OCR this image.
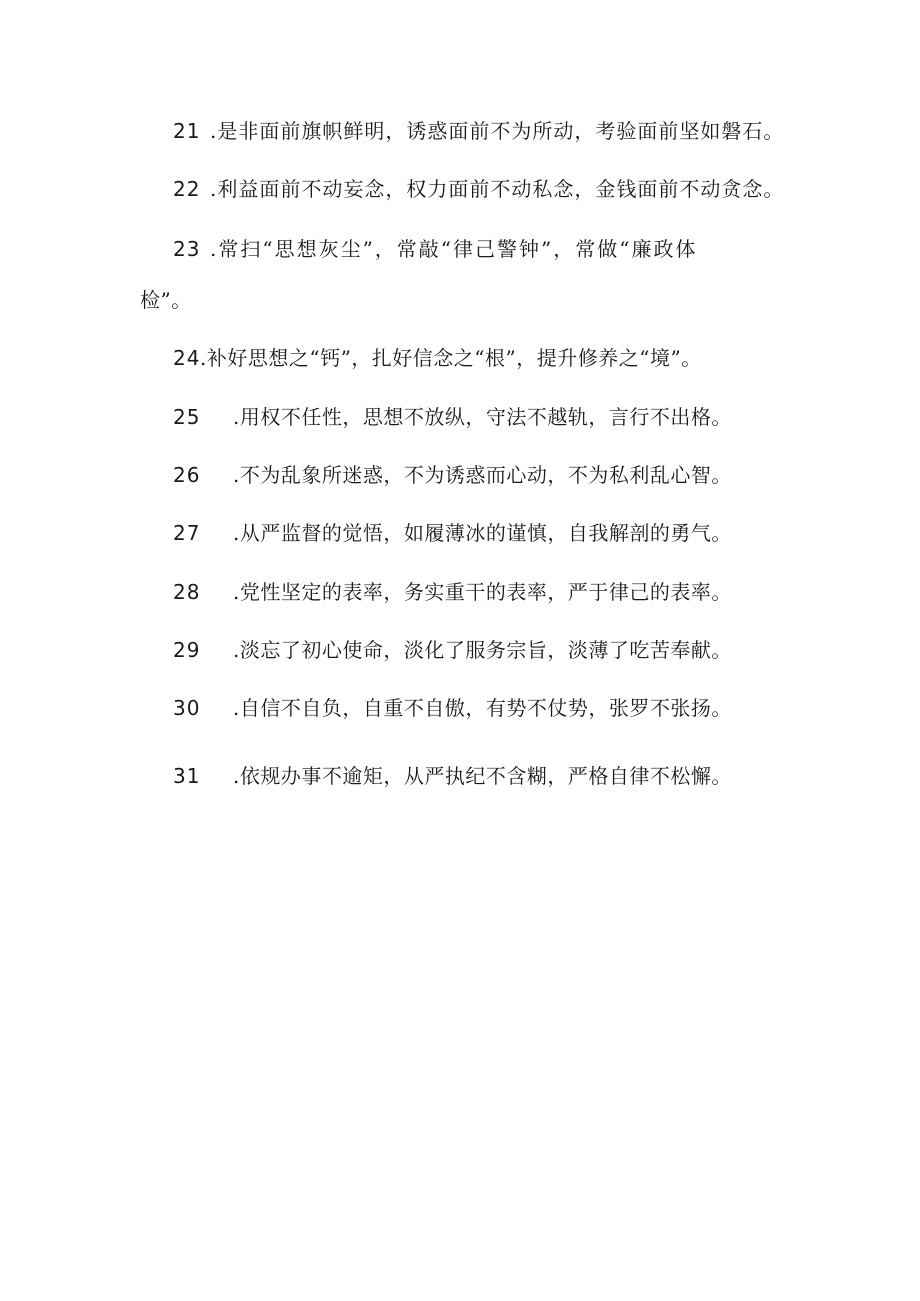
21 .是非面前旗帜鲜明，诱惑面前不为所动，考验面前坚如磐石。
22 .利益面前不动妄念，权力面前不动私念，金钱面前不动贪念。
23 .常扫“思想灰尘”，常敲“律己警钟”，常做“廉政体
检”。
24 .补好思想之“钙”，扎好信念之“根”，提升修养之“境”。
25 .用权不任性，思想不放纵，守法不越轨，言行不出格。
26 .不为乱象所迷惑，不为诱惑而心动，不为私利乱心智。
27 .从严监督的觉悟，如履薄冰的谨慎，自我解剖的勇气。
28 .党性坚定的表率，务实重干的表率，严于律己的表率。
29 .淡忘了初心使命，淡化了服务宗旨，淡薄了吃苦奉献。
30 .自信不自负，自重不自傲，有势不仗势，张罗不张扬。
31 .依规办事不逾矩，从严执纪不含糊，严格自律不松懈。
